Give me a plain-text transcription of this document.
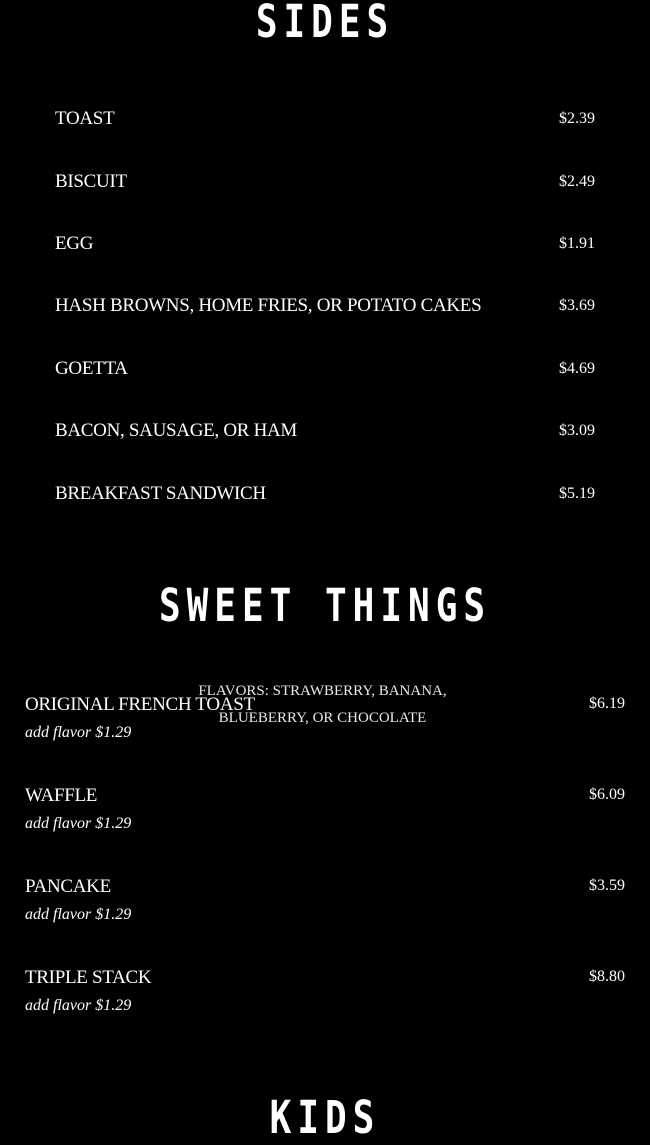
SIDES
TOAST	$2.39
BISCUIT	$2.49
EGG	$1.91
HASH BROWNS, HOME FRIES, OR POTATO CAKES	$3.69
GOETTA	$4.69
BACON, SAUSAGE, OR HAM	$3.09
BREAKFAST SANDWICH	$5.19
SWEET THINGS
FLAVORS: STRAWBERRY, BANANA, BLUEBERRY, OR CHOCOLATE
ORIGINAL FRENCH TOAST	$6.19
add flavor $1.29
WAFFLE	$6.09
add flavor $1.29
PANCAKE	$3.59
add flavor $1.29
TRIPLE STACK	$8.80
add flavor $1.29
KIDS
